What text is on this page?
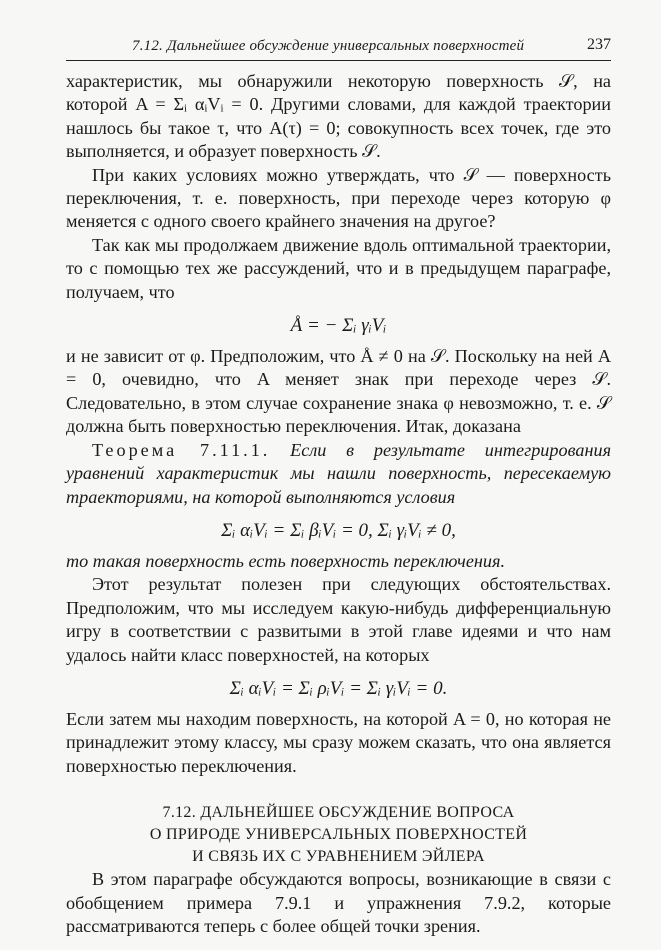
7.12. Дальнейшее обсуждение универсальных поверхностей	237

характеристик, мы обнаружили некоторую поверхность 𝒮, на которой A = Σᵢ αᵢVᵢ = 0. Другими словами, для каждой траектории нашлось бы такое τ, что A(τ) = 0; совокупность всех точек, где это выполняется, и образует поверхность 𝒮.

При каких условиях можно утверждать, что 𝒮 — поверхность переключения, т. е. поверхность, при переходе через которую φ меняется с одного своего крайнего значения на другое?

Так как мы продолжаем движение вдоль оптимальной траектории, то с помощью тех же рассуждений, что и в предыдущем параграфе, получаем, что

Å = − Σᵢ γᵢVᵢ

и не зависит от φ. Предположим, что Å ≠ 0 на 𝒮. Поскольку на ней A = 0, очевидно, что A меняет знак при переходе через 𝒮. Следовательно, в этом случае сохранение знака φ невозможно, т. е. 𝒮 должна быть поверхностью переключения. Итак, доказана

Теорема 7.11.1. Если в результате интегрирования уравнений характеристик мы нашли поверхность, пересекаемую траекториями, на которой выполняются условия

Σᵢ αᵢVᵢ = Σᵢ βᵢVᵢ = 0, Σᵢ γᵢVᵢ ≠ 0,

то такая поверхность есть поверхность переключения.

Этот результат полезен при следующих обстоятельствах. Предположим, что мы исследуем какую-нибудь дифференциальную игру в соответствии с развитыми в этой главе идеями и что нам удалось найти класс поверхностей, на которых

Σᵢ αᵢVᵢ = Σᵢ ρᵢVᵢ = Σᵢ γᵢVᵢ = 0.

Если затем мы находим поверхность, на которой A = 0, но которая не принадлежит этому классу, мы сразу можем сказать, что она является поверхностью переключения.

7.12. ДАЛЬНЕЙШЕЕ ОБСУЖДЕНИЕ ВОПРОСА
О ПРИРОДЕ УНИВЕРСАЛЬНЫХ ПОВЕРХНОСТЕЙ
И СВЯЗЬ ИХ С УРАВНЕНИЕМ ЭЙЛЕРА

В этом параграфе обсуждаются вопросы, возникающие в связи с обобщением примера 7.9.1 и упражнения 7.9.2, которые рассматриваются теперь с более общей точки зрения.
